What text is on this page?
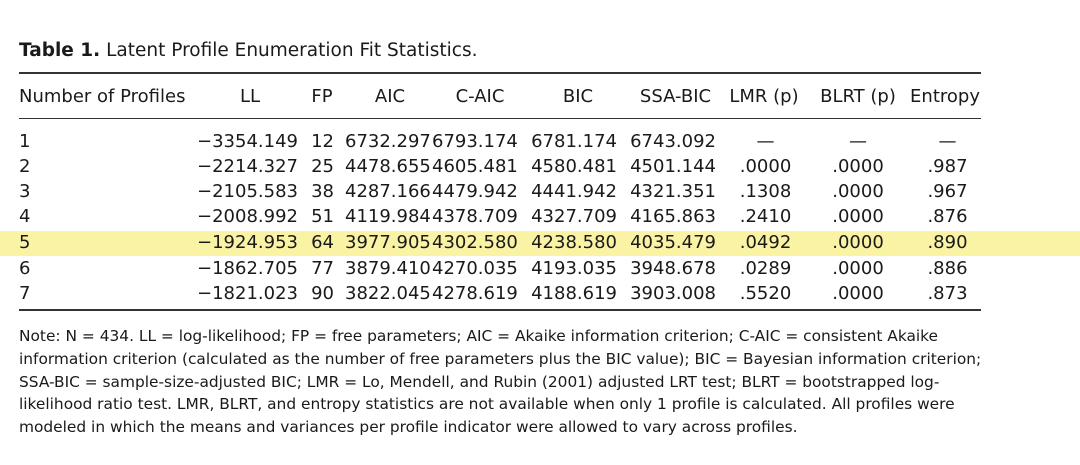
Table 1. Latent Profile Enumeration Fit Statistics.
Number of Profiles	LL	FP	AIC	C-AIC	BIC	SSA-BIC	LMR (p)	BLRT (p) Entropy
1	−3354.149 12 6732.297 6793.174 6781.174 6743.092	—	—	—
2	−2214.327 25 4478.655 4605.481 4580.481 4501.144	.0000	.0000	.987
3	−2105.583 38 4287.166 4479.942 4441.942 4321.351	.1308	.0000	.967
4	−2008.992 51 4119.984 4378.709 4327.709 4165.863	.2410	.0000	.876
5	−1924.953 64 3977.905 4302.580 4238.580 4035.479	.0492	.0000	.890
6	−1862.705 77 3879.410 4270.035 4193.035 3948.678	.0289	.0000	.886
7	−1821.023 90 3822.045 4278.619 4188.619 3903.008	.5520	.0000	.873

Note: N = 434. LL = log-likelihood; FP = free parameters; AIC = Akaike information criterion; C-AIC = consistent Akaike information criterion (calculated as the number of free parameters plus the BIC value); BIC = Bayesian information criterion; SSA-BIC = sample-size-adjusted BIC; LMR = Lo, Mendell, and Rubin (2001) adjusted LRT test; BLRT = bootstrapped log-likelihood ratio test. LMR, BLRT, and entropy statistics are not available when only 1 profile is calculated. All profiles were modeled in which the means and variances per profile indicator were allowed to vary across profiles.
